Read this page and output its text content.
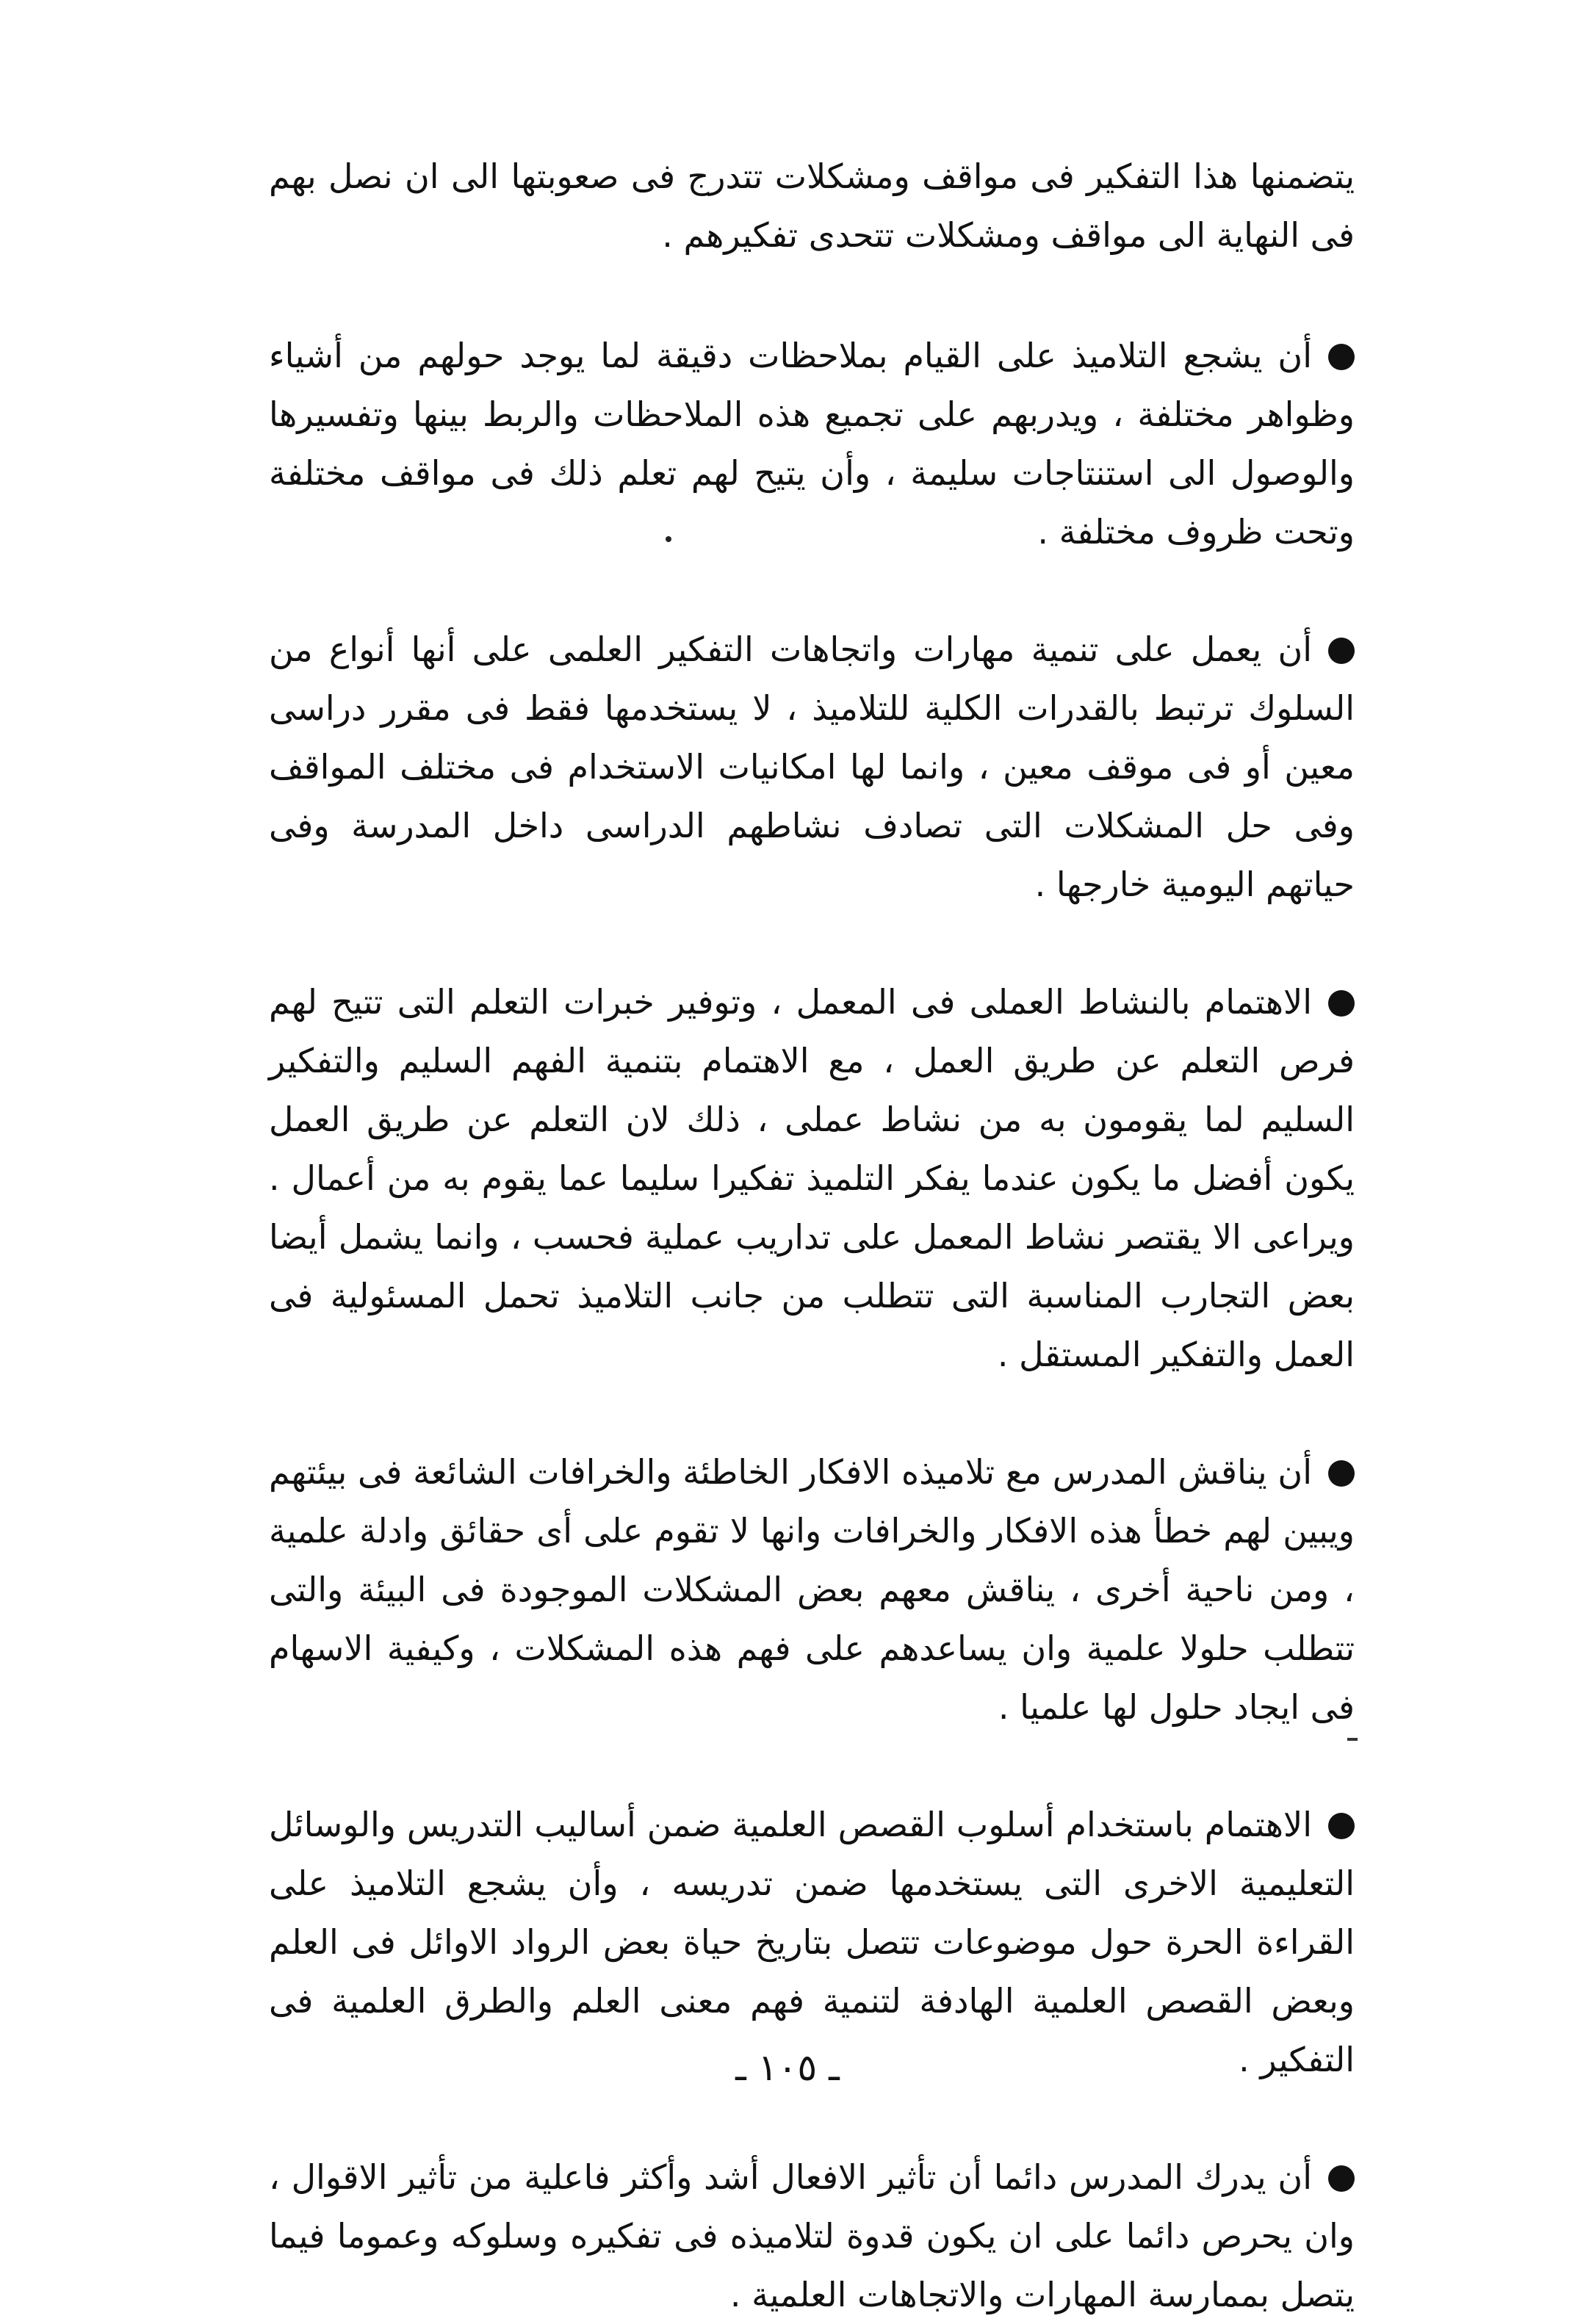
يتضمنها هذا التفكير فى مواقف ومشكلات تتدرج فى صعوبتها الى ان نصل بهم فى النهاية الى مواقف ومشكلات تتحدى تفكيرهم .

أن يشجع التلاميذ على القيام بملاحظات دقيقة لما يوجد حولهم من أشياء وظواهر مختلفة ، ويدربهم على تجميع هذه الملاحظات والربط بينها وتفسيرها والوصول الى استنتاجات سليمة ، وأن يتيح لهم تعلم ذلك فى مواقف مختلفة وتحت ظروف مختلفة .

أن يعمل على تنمية مهارات واتجاهات التفكير العلمى على أنها أنواع من السلوك ترتبط بالقدرات الكلية للتلاميذ ، لا يستخدمها فقط فى مقرر دراسى معين أو فى موقف معين ، وانما لها امكانيات الاستخدام فى مختلف المواقف وفى حل المشكلات التى تصادف نشاطهم الدراسى داخل المدرسة وفى حياتهم اليومية خارجها .

الاهتمام بالنشاط العملى فى المعمل ، وتوفير خبرات التعلم التى تتيح لهم فرص التعلم عن طريق العمل ، مع الاهتمام بتنمية الفهم السليم والتفكير السليم لما يقومون به من نشاط عملى ، ذلك لان التعلم عن طريق العمل يكون أفضل ما يكون عندما يفكر التلميذ تفكيرا سليما عما يقوم به من أعمال . ويراعى الا يقتصر نشاط المعمل على تداريب عملية فحسب ، وانما يشمل أيضا بعض التجارب المناسبة التى تتطلب من جانب التلاميذ تحمل المسئولية فى العمل والتفكير المستقل .

أن يناقش المدرس مع تلاميذه الافكار الخاطئة والخرافات الشائعة فى بيئتهم ويبين لهم خطأ هذه الافكار والخرافات وانها لا تقوم على أى حقائق وادلة علمية ، ومن ناحية أخرى ، يناقش معهم بعض المشكلات الموجودة فى البيئة والتى تتطلب حلولا علمية وان يساعدهم على فهم هذه المشكلات ، وكيفية الاسهام فى ايجاد حلول لها علميا .

الاهتمام باستخدام أسلوب القصص العلمية ضمن أساليب التدريس والوسائل التعليمية الاخرى التى يستخدمها ضمن تدريسه ، وأن يشجع التلاميذ على القراءة الحرة حول موضوعات تتصل بتاريخ حياة بعض الرواد الاوائل فى العلم وبعض القصص العلمية الهادفة لتنمية فهم معنى العلم والطرق العلمية فى التفكير .

أن يدرك المدرس دائما أن تأثير الافعال أشد وأكثر فاعلية من تأثير الاقوال ، وان يحرص دائما على ان يكون قدوة لتلاميذه فى تفكيره وسلوكه وعموما فيما يتصل بممارسة المهارات والاتجاهات العلمية .

ـ ١٠٥ ـ
